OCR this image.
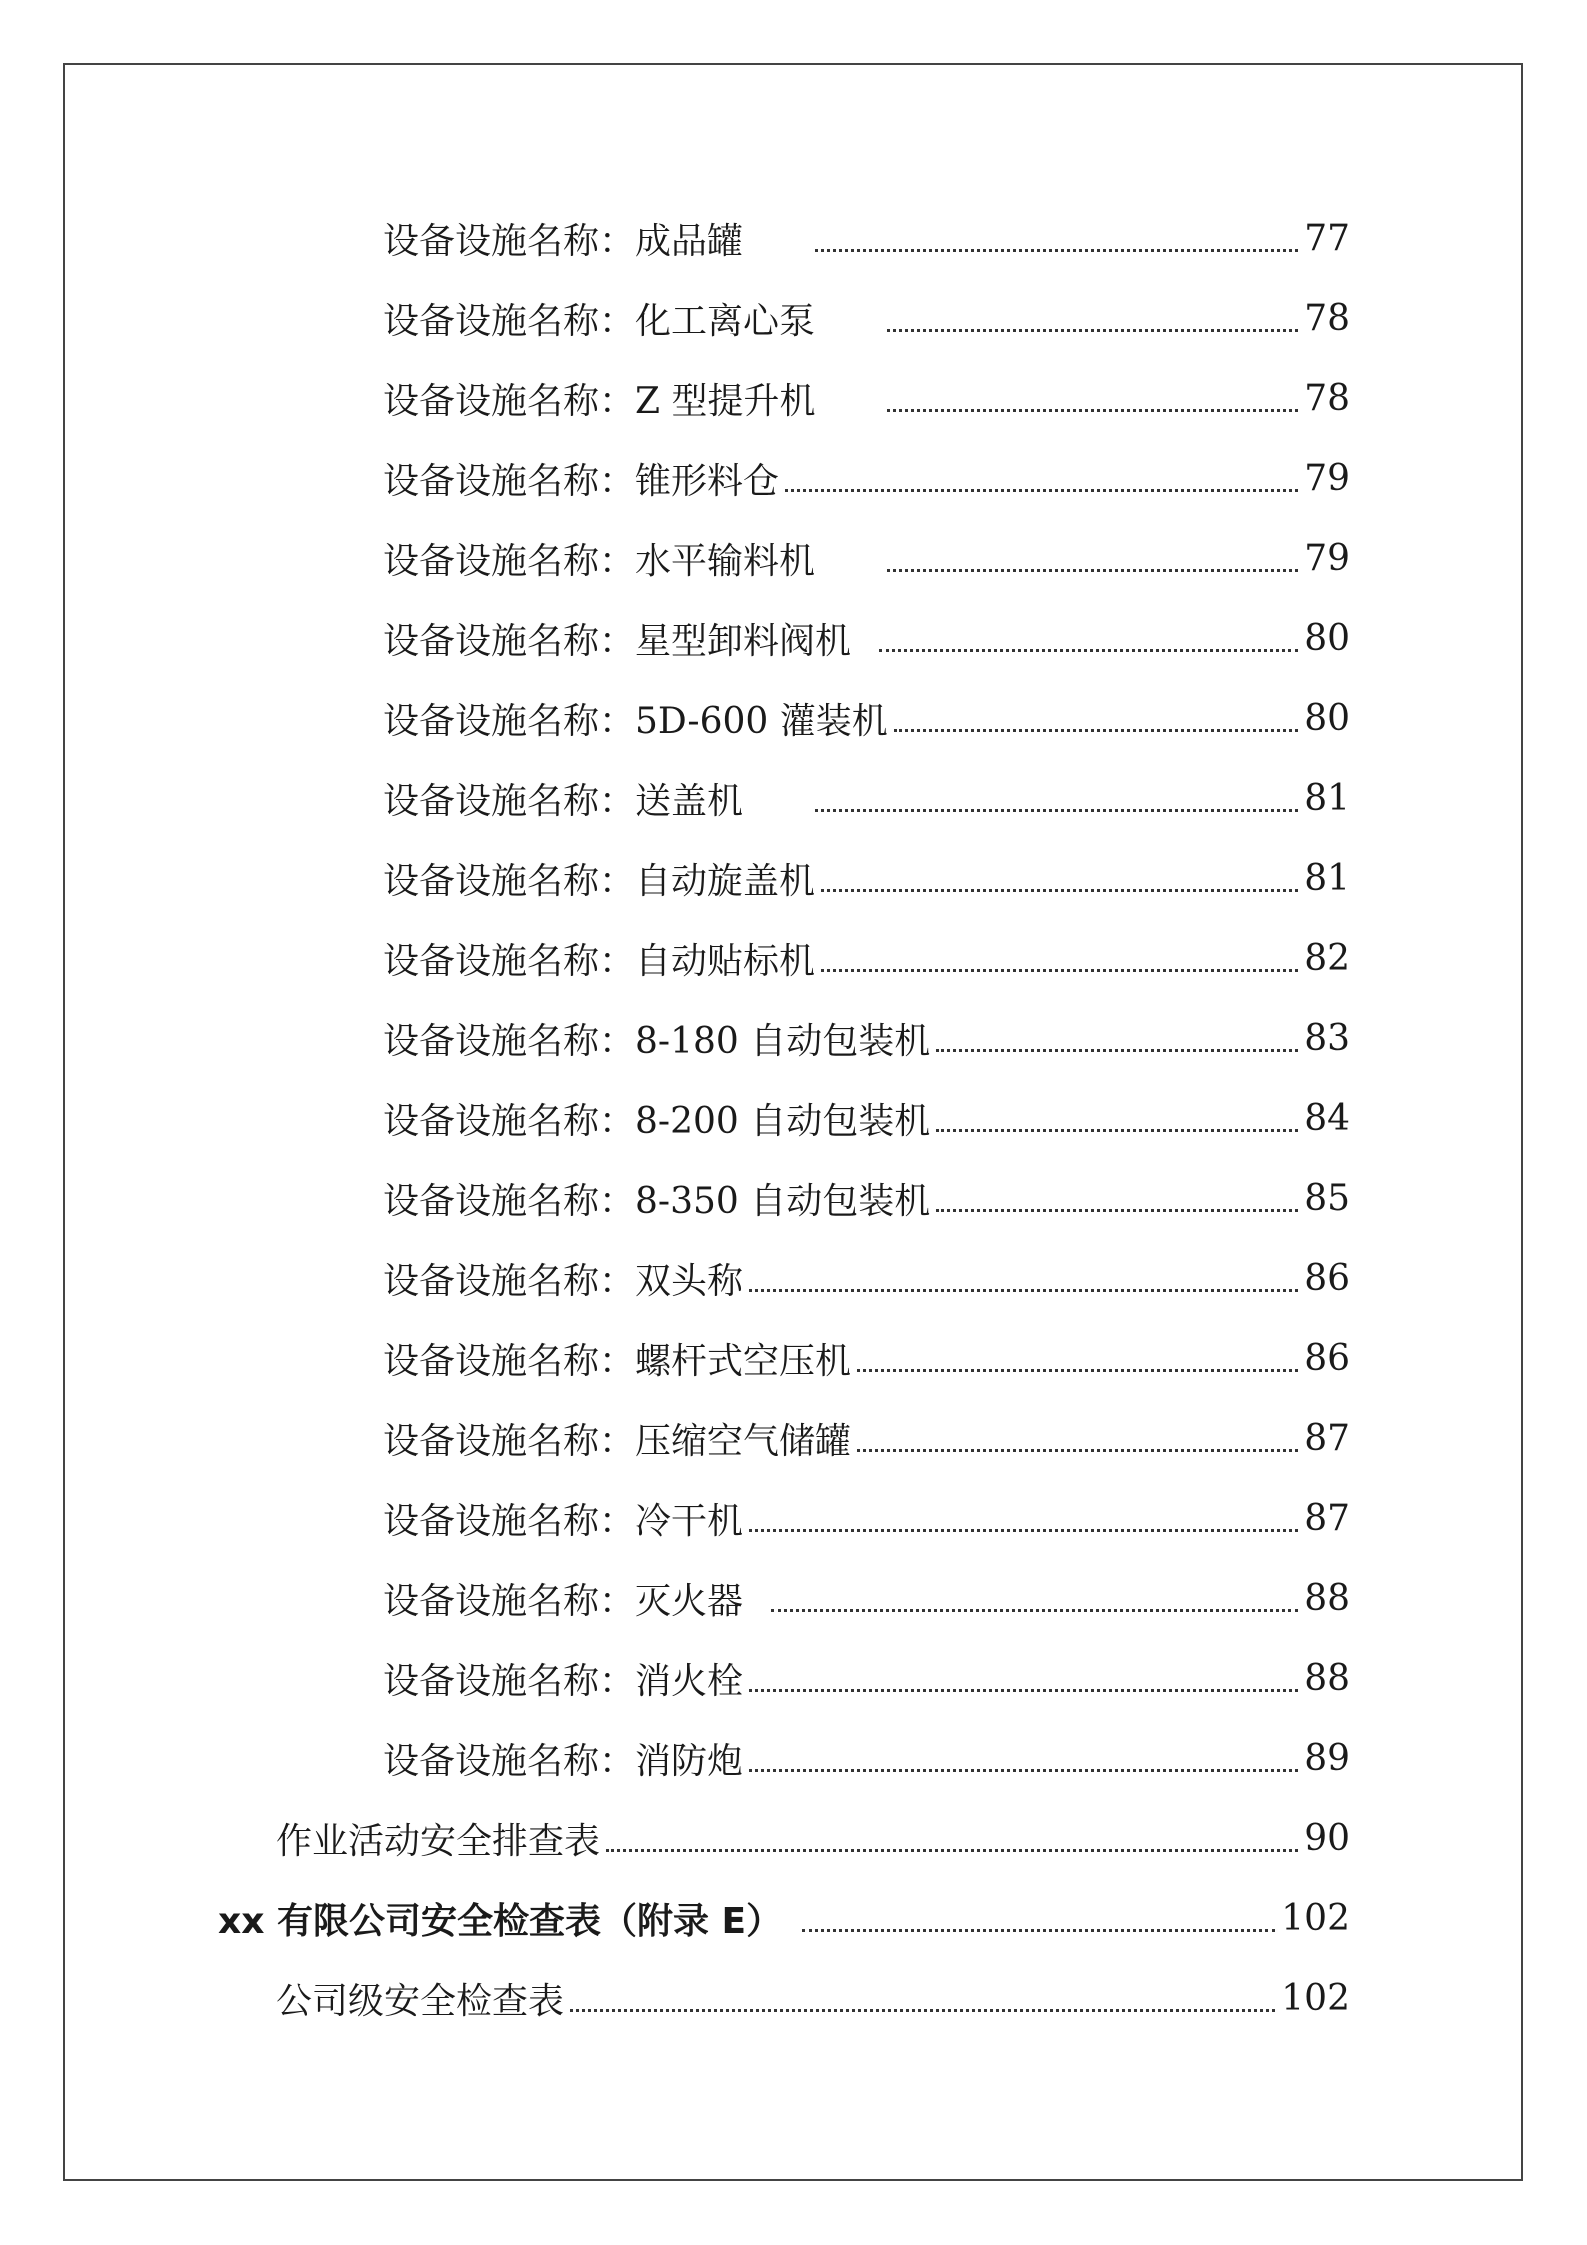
设备设施名称：消防炮	89
设备设施名称：消火栓	88
设备设施名称：灭火器	88
设备设施名称：冷干机	87
设备设施名称：压缩空气储罐	87
设备设施名称：螺杆式空压机	86
设备设施名称：双头称	86
设备设施名称：8-350 自动包装机	85
设备设施名称：8-200 自动包装机	84
设备设施名称：8-180 自动包装机	83
设备设施名称：自动贴标机	82
设备设施名称：自动旋盖机	81
设备设施名称：送盖机	81
设备设施名称：5D-600 灌装机	80
设备设施名称：星型卸料阀机	80
设备设施名称：水平输料机	79
设备设施名称：锥形料仓	79
设备设施名称：Z 型提升机	78
设备设施名称：化工离心泵	78
设备设施名称：成品罐	77
作业活动安全排查表	90
xx 有限公司安全检查表（附录 E）	102
公司级安全检查表	102
